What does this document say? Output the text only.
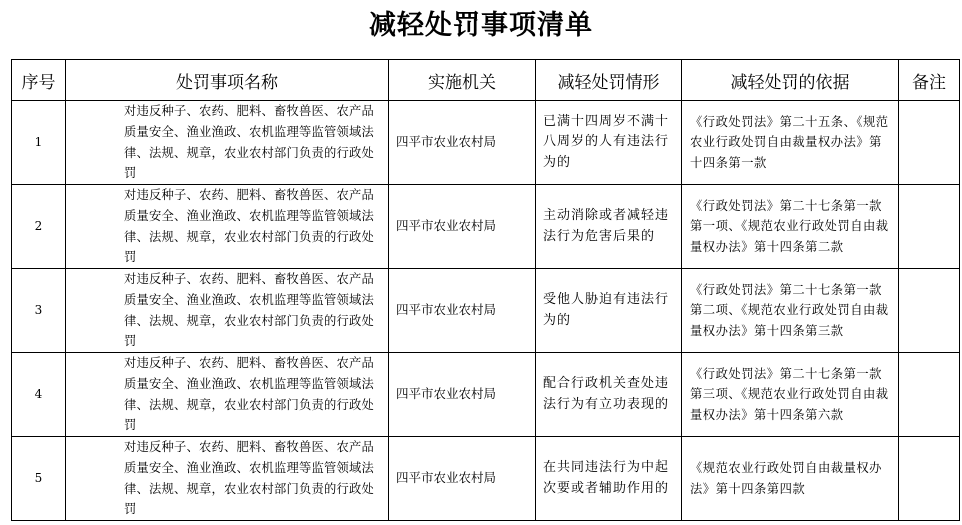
减轻处罚事项清单
序号	处罚事项名称	实施机关	减轻处罚情形	减轻处罚的依据	备注
1	对违反种子、农药、肥料、畜牧兽医、农产品质量安全、渔业渔政、农机监理等监管领域法律、法规、规章，农业农村部门负责的行政处罚	四平市农业农村局	已满十四周岁不满十八周岁的人有违法行为的	《行政处罚法》第二十五条、《规范农业行政处罚自由裁量权办法》第十四条第一款	
2	对违反种子、农药、肥料、畜牧兽医、农产品质量安全、渔业渔政、农机监理等监管领域法律、法规、规章，农业农村部门负责的行政处罚	四平市农业农村局	主动消除或者减轻违法行为危害后果的	《行政处罚法》第二十七条第一款第一项、《规范农业行政处罚自由裁量权办法》第十四条第二款	
3	对违反种子、农药、肥料、畜牧兽医、农产品质量安全、渔业渔政、农机监理等监管领域法律、法规、规章，农业农村部门负责的行政处罚	四平市农业农村局	受他人胁迫有违法行为的	《行政处罚法》第二十七条第一款第二项、《规范农业行政处罚自由裁量权办法》第十四条第三款	
4	对违反种子、农药、肥料、畜牧兽医、农产品质量安全、渔业渔政、农机监理等监管领域法律、法规、规章，农业农村部门负责的行政处罚	四平市农业农村局	配合行政机关查处违法行为有立功表现的	《行政处罚法》第二十七条第一款第三项、《规范农业行政处罚自由裁量权办法》第十四条第六款	
5	对违反种子、农药、肥料、畜牧兽医、农产品质量安全、渔业渔政、农机监理等监管领域法律、法规、规章，农业农村部门负责的行政处罚	四平市农业农村局	在共同违法行为中起次要或者辅助作用的	《规范农业行政处罚自由裁量权办法》第十四条第四款	
